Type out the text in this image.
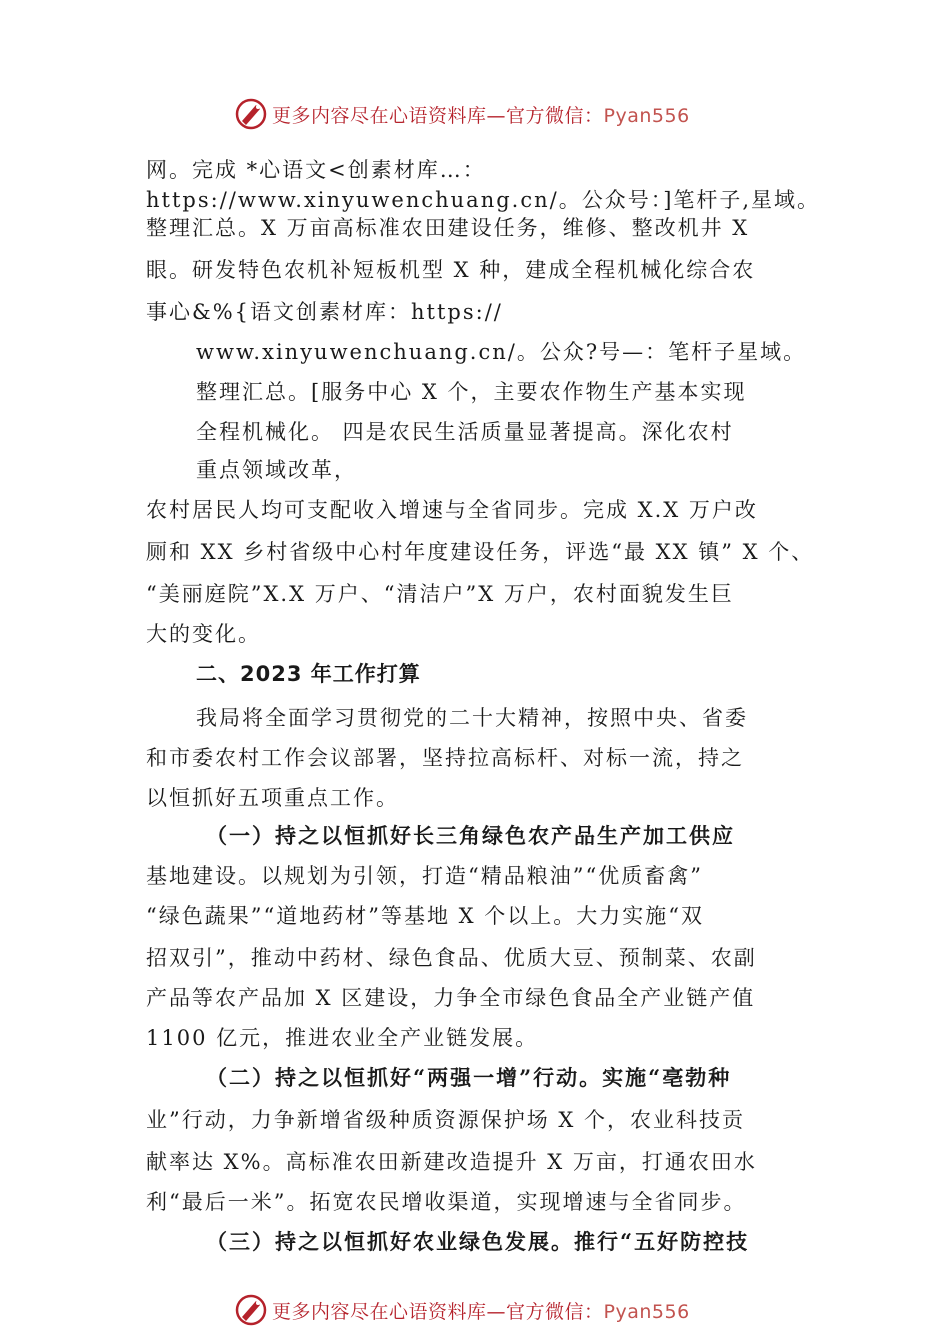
更多内容尽在心语资料库—官方微信：Pyan556
网。完成 *心语文<创素材库…：
https://www.xinyuwenchuang.cn/。公众号：]笔杆子,星域。
整理汇总。X 万亩高标准农田建设任务，维修、整改机井 X
眼。研发特色农机补短板机型 X 种，建成全程机械化综合农
事心&%{语文创素材库：https://
www.xinyuwenchuang.cn/。公众?号—：笔杆子星域。
整理汇总。[服务中心 X 个，主要农作物生产基本实现
全程机械化。 四是农民生活质量显著提高。深化农村
重点领域改革，
农村居民人均可支配收入增速与全省同步。完成 X.X 万户改
厕和 XX 乡村省级中心村年度建设任务，评选“最 XX 镇” X 个、
“美丽庭院”X.X 万户、“清洁户”X 万户，农村面貌发生巨
大的变化。
二、2023 年工作打算
我局将全面学习贯彻党的二十大精神，按照中央、省委
和市委农村工作会议部署，坚持拉高标杆、对标一流，持之
以恒抓好五项重点工作。
（一）持之以恒抓好长三角绿色农产品生产加工供应
基地建设。以规划为引领，打造“精品粮油”“优质畜禽”
“绿色蔬果”“道地药材”等基地 X 个以上。大力实施“双
招双引”，推动中药材、绿色食品、优质大豆、预制菜、农副
产品等农产品加 X 区建设，力争全市绿色食品全产业链产值
1100 亿元，推进农业全产业链发展。
（二）持之以恒抓好“两强一增”行动。实施“亳勃种
业”行动，力争新增省级种质资源保护场 X 个，农业科技贡
献率达 X%。高标准农田新建改造提升 X 万亩，打通农田水
利“最后一米”。拓宽农民增收渠道，实现增速与全省同步。
（三）持之以恒抓好农业绿色发展。推行“五好防控技
更多内容尽在心语资料库—官方微信：Pyan556
